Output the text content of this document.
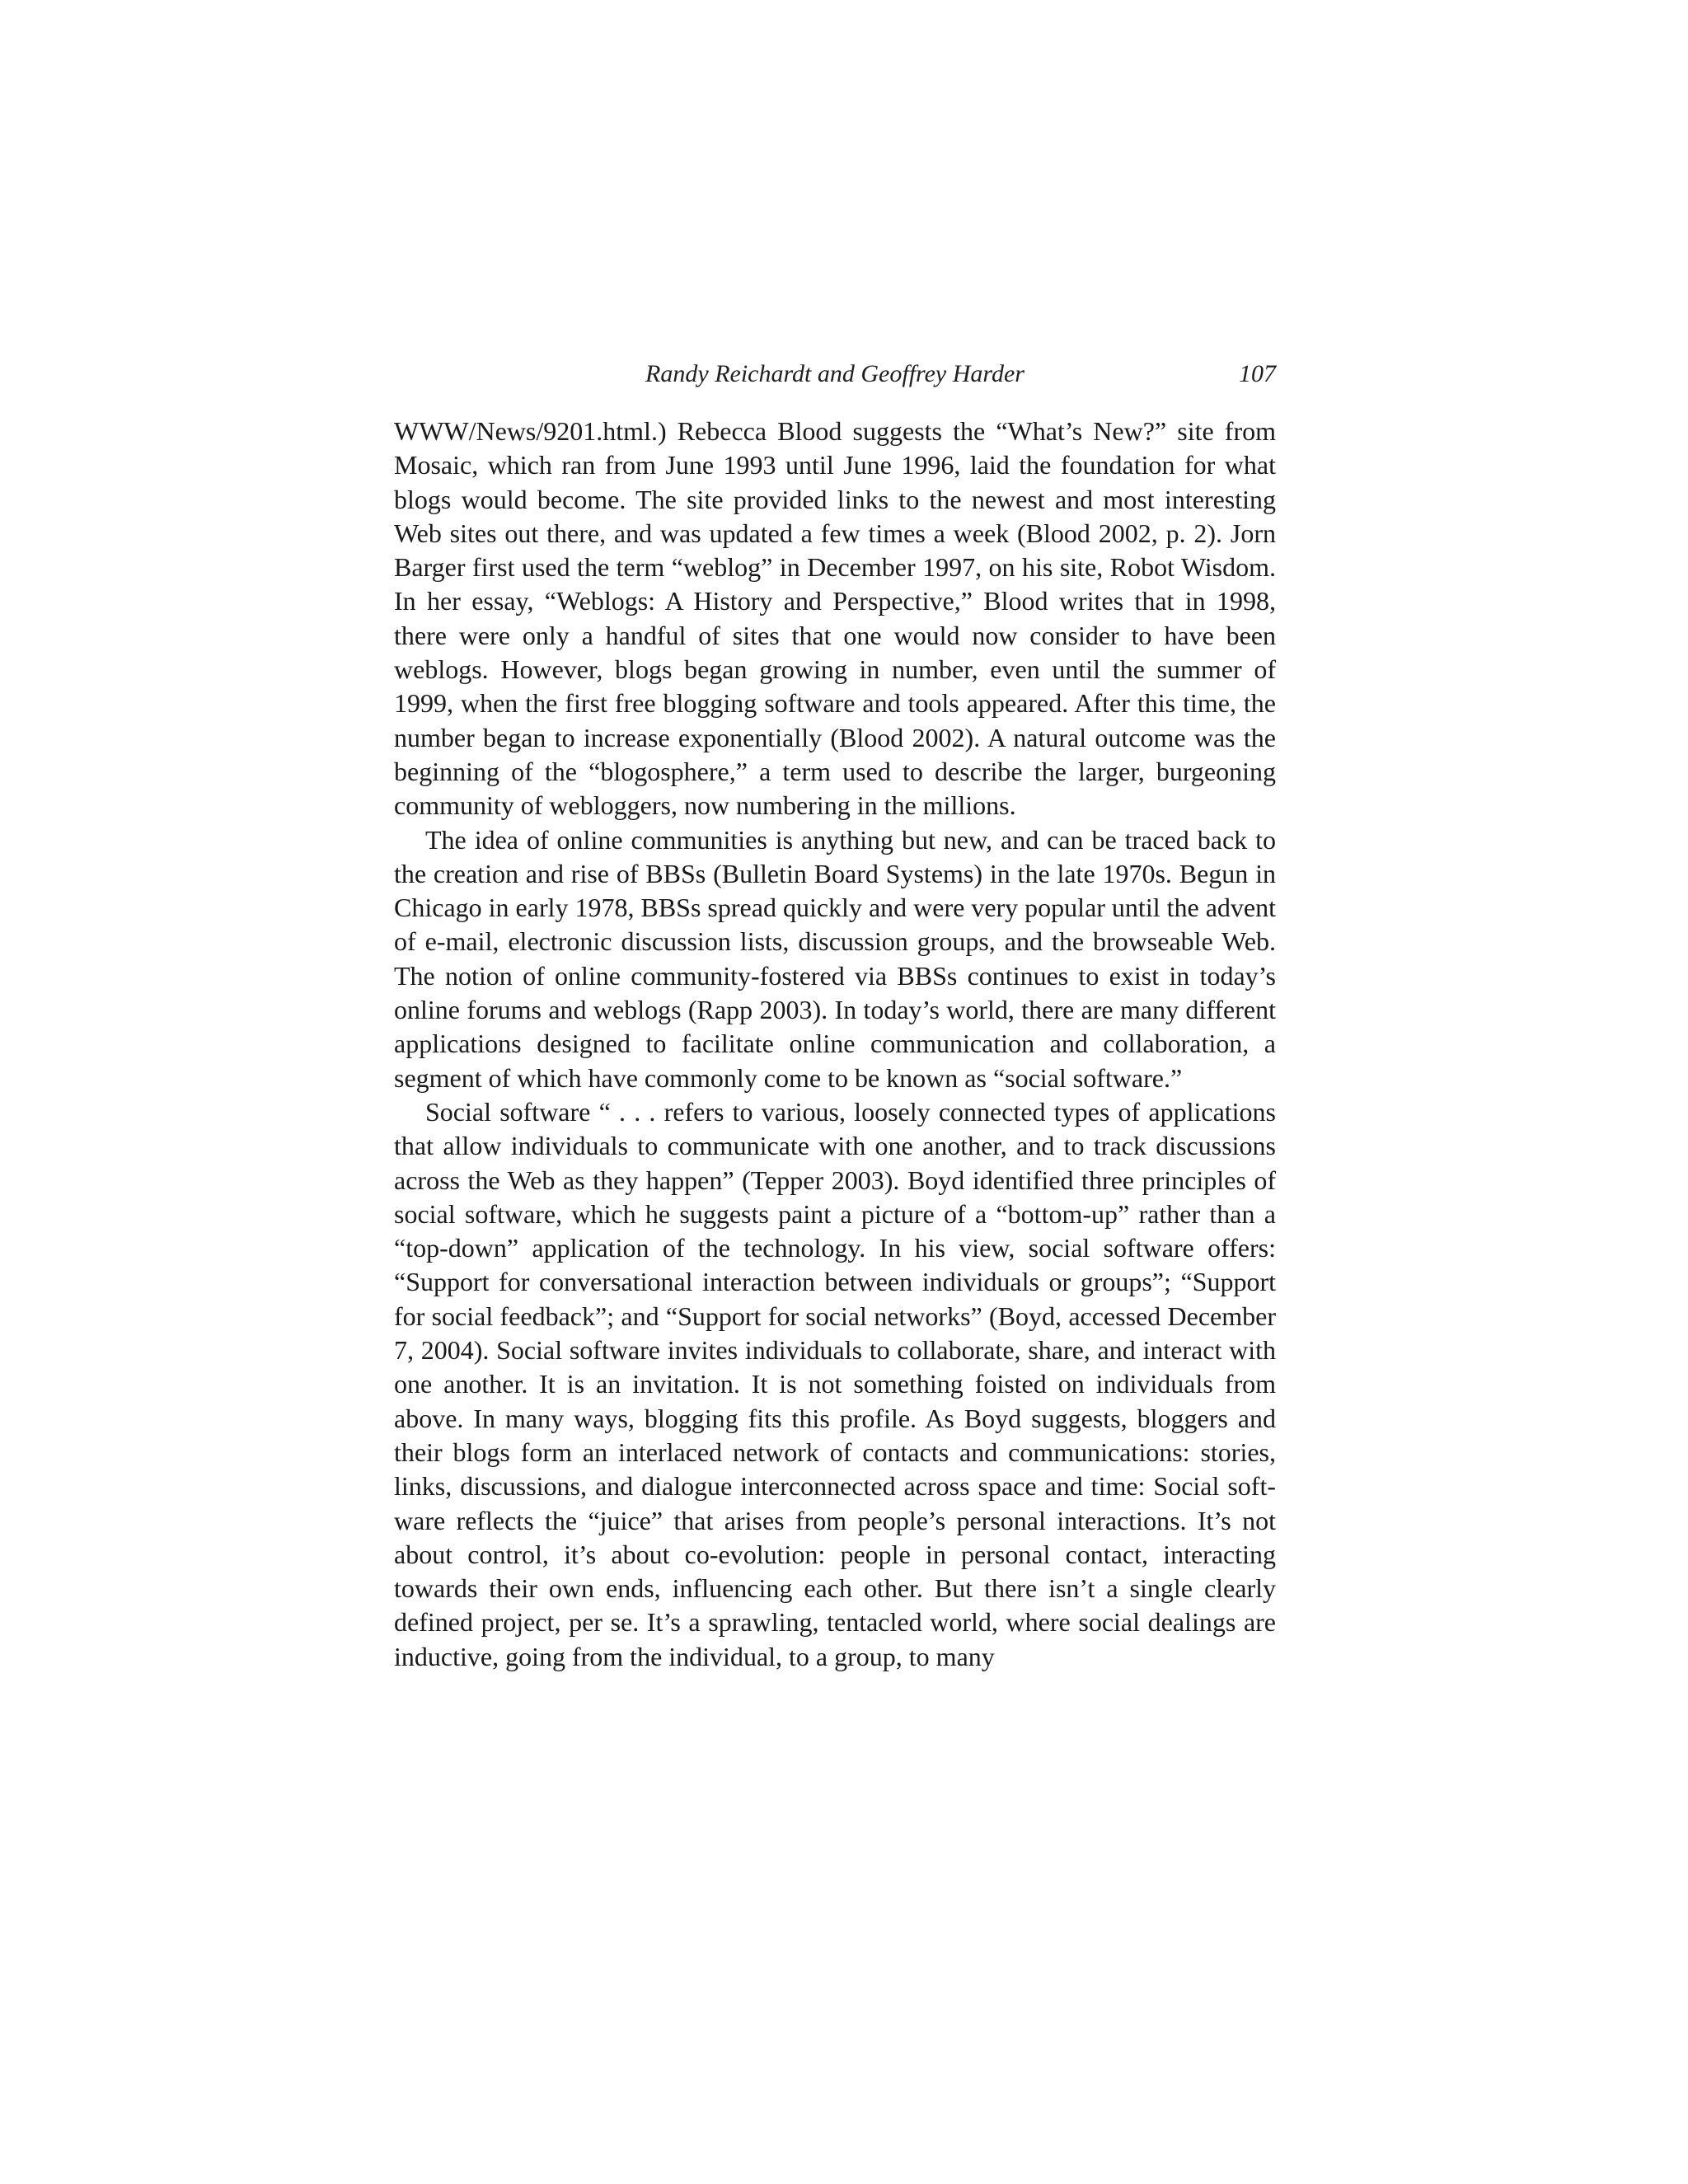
Randy Reichardt and Geoffrey Harder	107

WWW/News/9201.html.) Rebecca Blood suggests the “What’s New?” site from Mosaic, which ran from June 1993 until June 1996, laid the foundation for what blogs would become. The site provided links to the newest and most interesting Web sites out there, and was updated a few times a week (Blood 2002, p. 2). Jorn Barger first used the term “weblog” in December 1997, on his site, Robot Wisdom. In her essay, “Weblogs: A History and Perspective,” Blood writes that in 1998, there were only a handful of sites that one would now consider to have been weblogs. However, blogs began growing in number, even until the summer of 1999, when the first free blogging software and tools appeared. After this time, the number began to increase exponentially (Blood 2002). A natural outcome was the beginning of the “blogosphere,” a term used to describe the larger, burgeoning community of webloggers, now numbering in the millions.

The idea of online communities is anything but new, and can be traced back to the creation and rise of BBSs (Bulletin Board Systems) in the late 1970s. Begun in Chicago in early 1978, BBSs spread quickly and were very popular until the advent of e-mail, electronic discussion lists, discussion groups, and the browseable Web. The notion of online community-fostered via BBSs continues to exist in today’s online forums and weblogs (Rapp 2003). In today’s world, there are many different applications designed to facilitate online communication and collaboration, a segment of which have commonly come to be known as “social software.”

Social software “ . . . refers to various, loosely connected types of applications that allow individuals to communicate with one another, and to track discussions across the Web as they happen” (Tepper 2003). Boyd identified three principles of social software, which he suggests paint a picture of a “bottom-up” rather than a “top-down” application of the technology. In his view, social software offers: “Support for conversational interaction between individuals or groups”; “Support for social feedback”; and “Support for social networks” (Boyd, accessed December 7, 2004). Social software invites individuals to collaborate, share, and interact with one another. It is an invitation. It is not something foisted on individuals from above. In many ways, blogging fits this profile. As Boyd suggests, bloggers and their blogs form an interlaced network of contacts and communications: stories, links, discussions, and dialogue interconnected across space and time: Social software reflects the “juice” that arises from people’s personal interactions. It’s not about control, it’s about co-evolution: people in personal contact, interacting towards their own ends, influencing each other. But there isn’t a single clearly defined project, per se. It’s a sprawling, tentacled world, where social dealings are inductive, going from the individual, to a group, to many
